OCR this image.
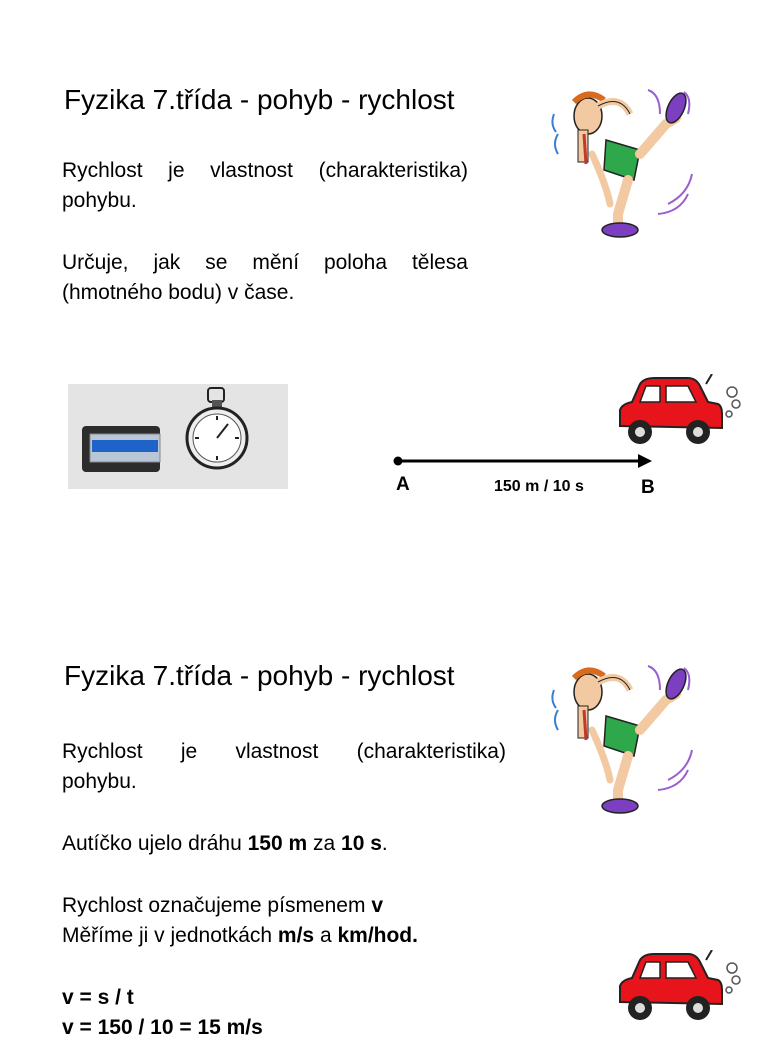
Fyzika 7.třída - pohyb - rychlost
Rychlost je vlastnost (charakteristika)
pohybu.
Určuje, jak se mění poloha tělesa
(hmotného bodu) v čase.
A	150 m / 10 s	B
Fyzika 7.třída - pohyb - rychlost
Rychlost je vlastnost (charakteristika)
pohybu.
Autíčko ujelo dráhu 150 m za 10 s.
Rychlost označujeme písmenem v
Měříme ji v jednotkách m/s a km/hod.
v = s / t
v = 150 / 10 = 15 m/s
